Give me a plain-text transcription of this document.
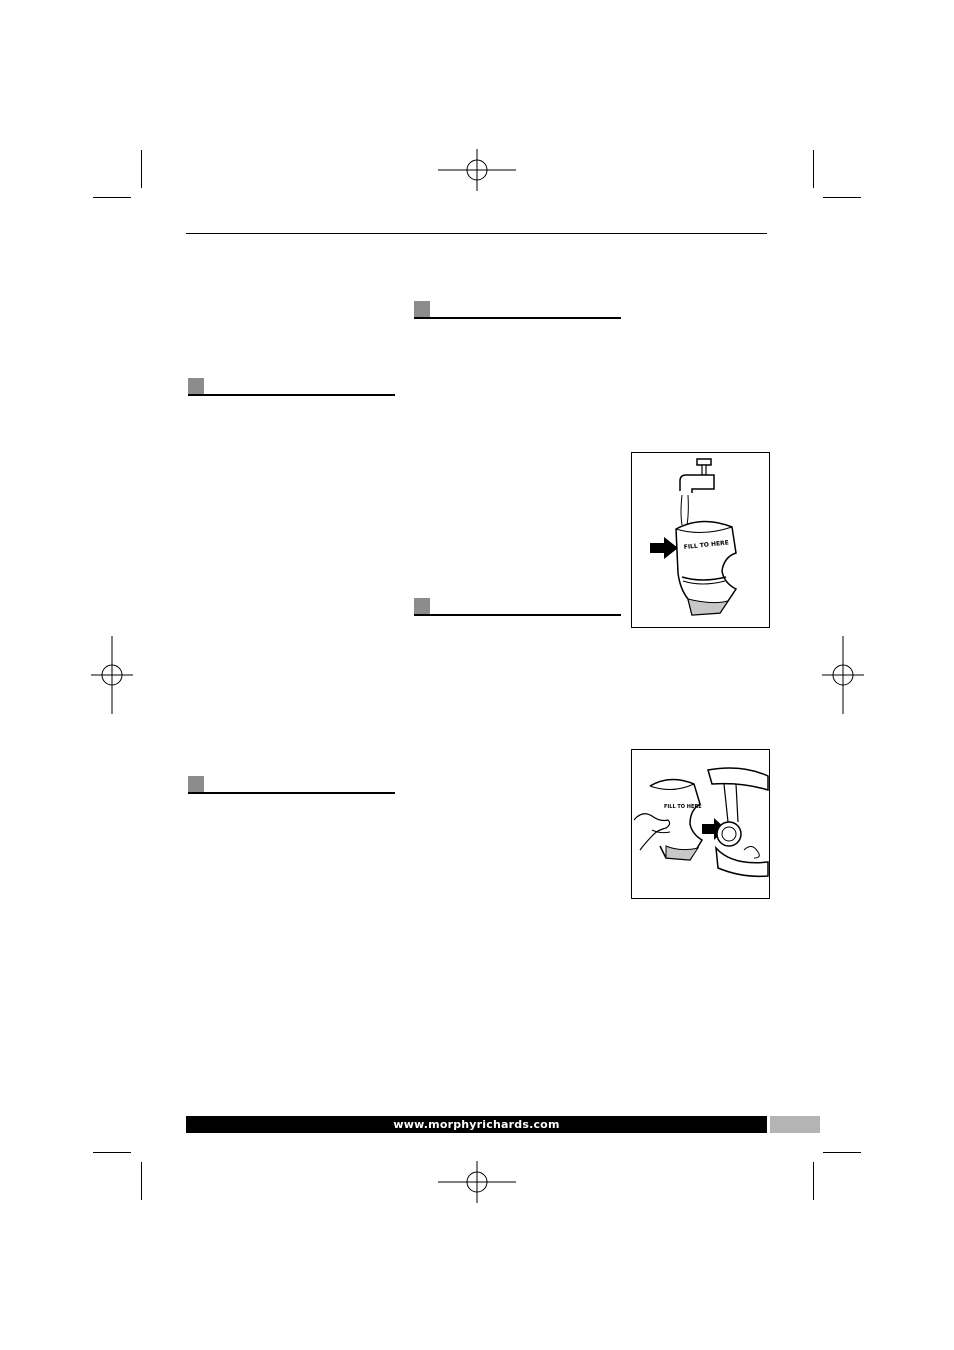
FILL TO HERE
FILL TO HERE
www.morphyrichards.com
